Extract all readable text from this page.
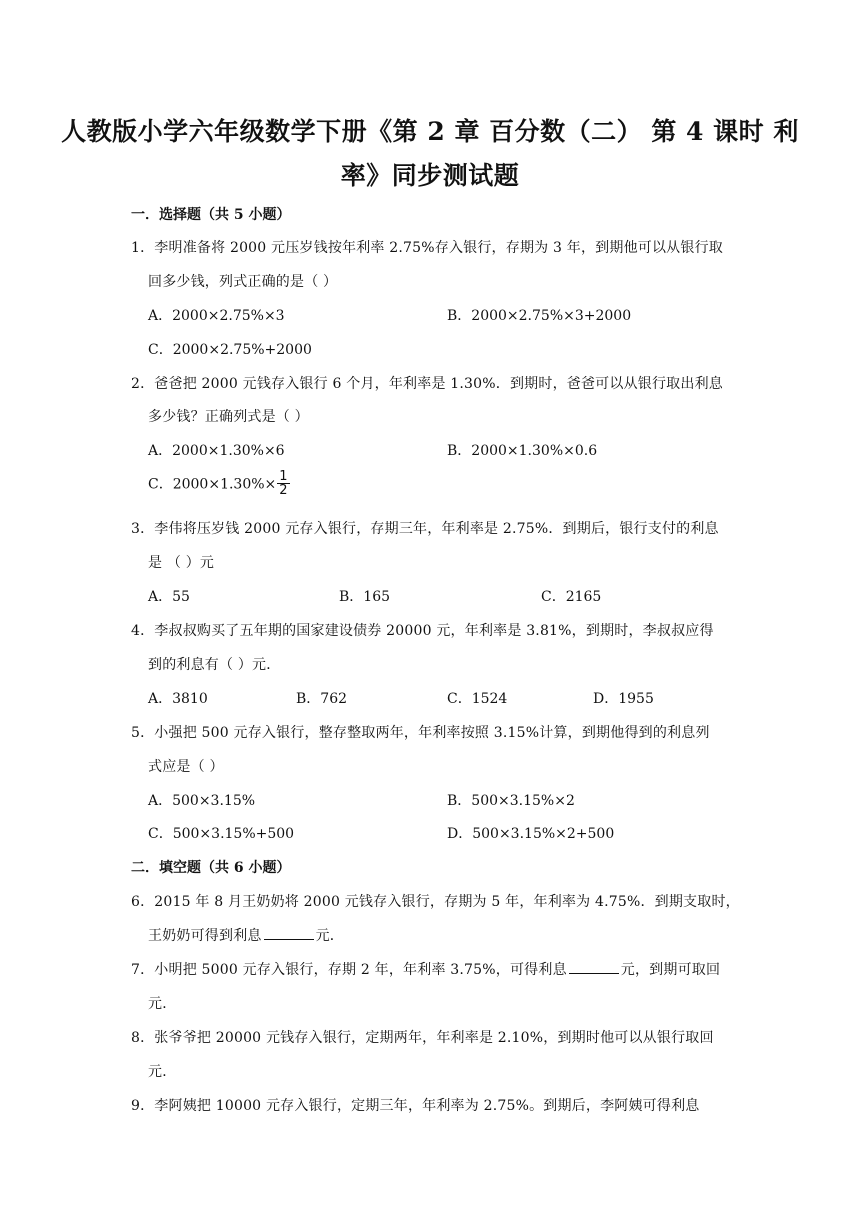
人教版小学六年级数学下册《第 2 章 百分数（二） 第 4 课时 利
率》同步测试题
一．选择题（共 5 小题）
1．李明准备将 2000 元压岁钱按年利率 2.75%存入银行，存期为 3 年，到期他可以从银行取
回多少钱，列式正确的是（ ）
A．2000×2.75%×3	B．2000×2.75%×3+2000
C．2000×2.75%+2000
2．爸爸把 2000 元钱存入银行 6 个月，年利率是 1.30%．到期时，爸爸可以从银行取出利息
多少钱？正确列式是（ ）
A．2000×1.30%×6	B．2000×1.30%×0.6
C．$2000\times 1.30\%\times \frac{1}{2}$
3．李伟将压岁钱 2000 元存入银行，存期三年，年利率是 2.75%．到期后，银行支付的利息
是 （ ）元
A．55	B．165	C．2165
4．李叔叔购买了五年期的国家建设债券 20000 元，年利率是 3.81%，到期时，李叔叔应得
到的利息有（ ）元．
A．3810	B．762	C．1524	D．1955
5．小强把 500 元存入银行，整存整取两年，年利率按照 3.15%计算，到期他得到的利息列
式应是（ ）
A．500×3.15%	B．500×3.15%×2
C．500×3.15%+500	D．500×3.15%×2+500
二．填空题（共 6 小题）
6．2015 年 8 月王奶奶将 2000 元钱存入银行，存期为 5 年，年利率为 4.75%．到期支取时，
王奶奶可得到利息	元．
7．小明把 5000 元存入银行，存期 2 年，年利率 3.75%，可得利息	元，到期可取回
元．
8．张爷爷把 20000 元钱存入银行，定期两年，年利率是 2.10%，到期时他可以从银行取回
元．
9．李阿姨把 10000 元存入银行，定期三年，年利率为 2.75%。到期后，李阿姨可得利息
